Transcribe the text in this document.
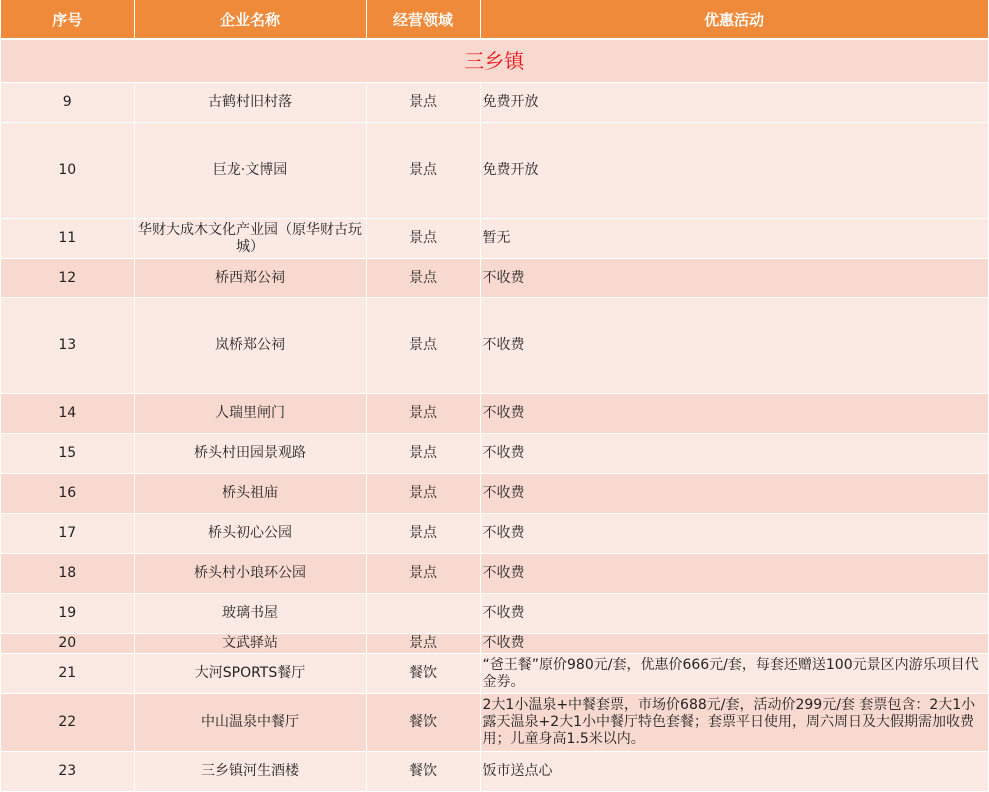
序号	企业名称	经营领域	优惠活动
三乡镇			
9	古鹤村旧村落	景点	免费开放
10	巨龙·文博园	景点	免费开放
11	华财大成木文化产业园（原华财古玩城）	景点	暂无
12	桥西郑公祠	景点	不收费
13	岚桥郑公祠	景点	不收费
14	人瑞里闸门	景点	不收费
15	桥头村田园景观路	景点	不收费
16	桥头祖庙	景点	不收费
17	桥头初心公园	景点	不收费
18	桥头村小琅环公园	景点	不收费
19	玻璃书屋		不收费
20	文武驿站	景点	不收费
21	大河SPORTS餐厅	餐饮	“爸王餐”原价980元/套，优惠价666元/套，每套还赠送100元景区内游乐项目代金券。
22	中山温泉中餐厅	餐饮	2大1小温泉+中餐套票，市场价688元/套，活动价299元/套 套票包含：2大1小露天温泉+2大1小中餐厅特色套餐；套票平日使用，周六周日及大假期需加收费用；儿童身高1.5米以内。
23	三乡镇河生酒楼	餐饮	饭市送点心
